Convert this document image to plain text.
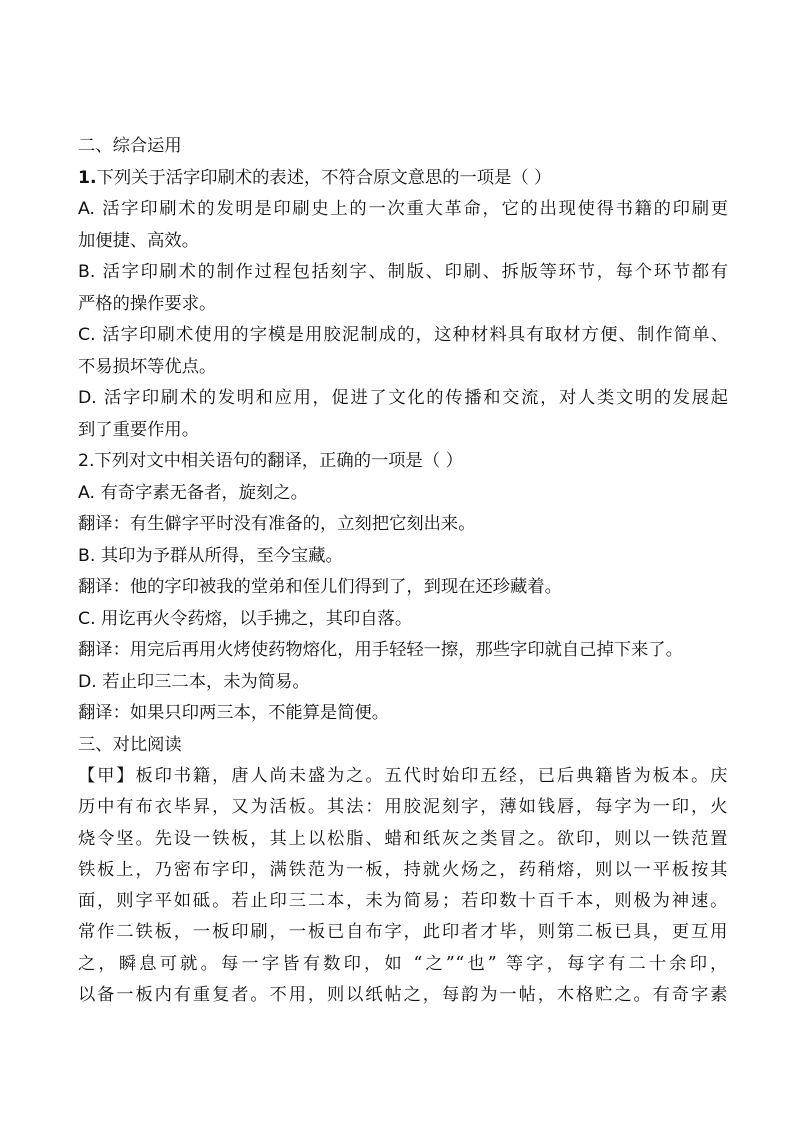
二、综合运用
1.下列关于活字印刷术的表述，不符合原文意思的一项是（ ）
A. 活字印刷术的发明是印刷史上的一次重大革命，它的出现使得书籍的印刷更
加便捷、高效。
B. 活字印刷术的制作过程包括刻字、制版、印刷、拆版等环节，每个环节都有
严格的操作要求。
C. 活字印刷术使用的字模是用胶泥制成的，这种材料具有取材方便、制作简单、
不易损坏等优点。
D. 活字印刷术的发明和应用，促进了文化的传播和交流，对人类文明的发展起
到了重要作用。
2.下列对文中相关语句的翻译，正确的一项是（ ）
A. 有奇字素无备者，旋刻之。
翻译：有生僻字平时没有准备的，立刻把它刻出来。
B. 其印为予群从所得，至今宝藏。
翻译：他的字印被我的堂弟和侄儿们得到了，到现在还珍藏着。
C. 用讫再火令药熔，以手拂之，其印自落。
翻译：用完后再用火烤使药物熔化，用手轻轻一擦，那些字印就自己掉下来了。
D. 若止印三二本，未为简易。
翻译：如果只印两三本，不能算是简便。
三、对比阅读
【甲】板印书籍，唐人尚未盛为之。五代时始印五经，已后典籍皆为板本。庆
历中有布衣毕昇，又为活板。其法：用胶泥刻字，薄如钱唇，每字为一印，火
烧令坚。先设一铁板，其上以松脂、蜡和纸灰之类冒之。欲印，则以一铁范置
铁板上，乃密布字印，满铁范为一板，持就火炀之，药稍熔，则以一平板按其
面，则字平如砥。若止印三二本，未为简易；若印数十百千本，则极为神速。
常作二铁板，一板印刷，一板已自布字，此印者才毕，则第二板已具，更互用
之，瞬息可就。每一字皆有数印，如 “之”“也” 等字，每字有二十余印，
以备一板内有重复者。不用，则以纸帖之，每韵为一帖，木格贮之。有奇字素
